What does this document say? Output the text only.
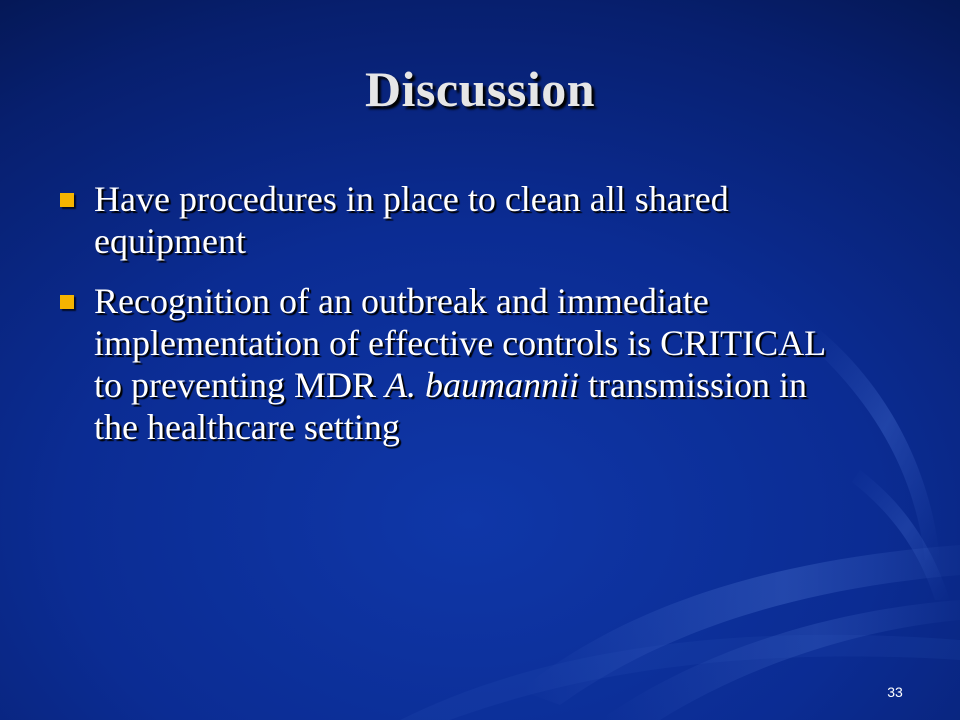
Discussion
Have procedures in place to clean all shared equipment
Recognition of an outbreak and immediate implementation of effective controls is CRITICAL to preventing MDR A. baumannii transmission in the healthcare setting
33
